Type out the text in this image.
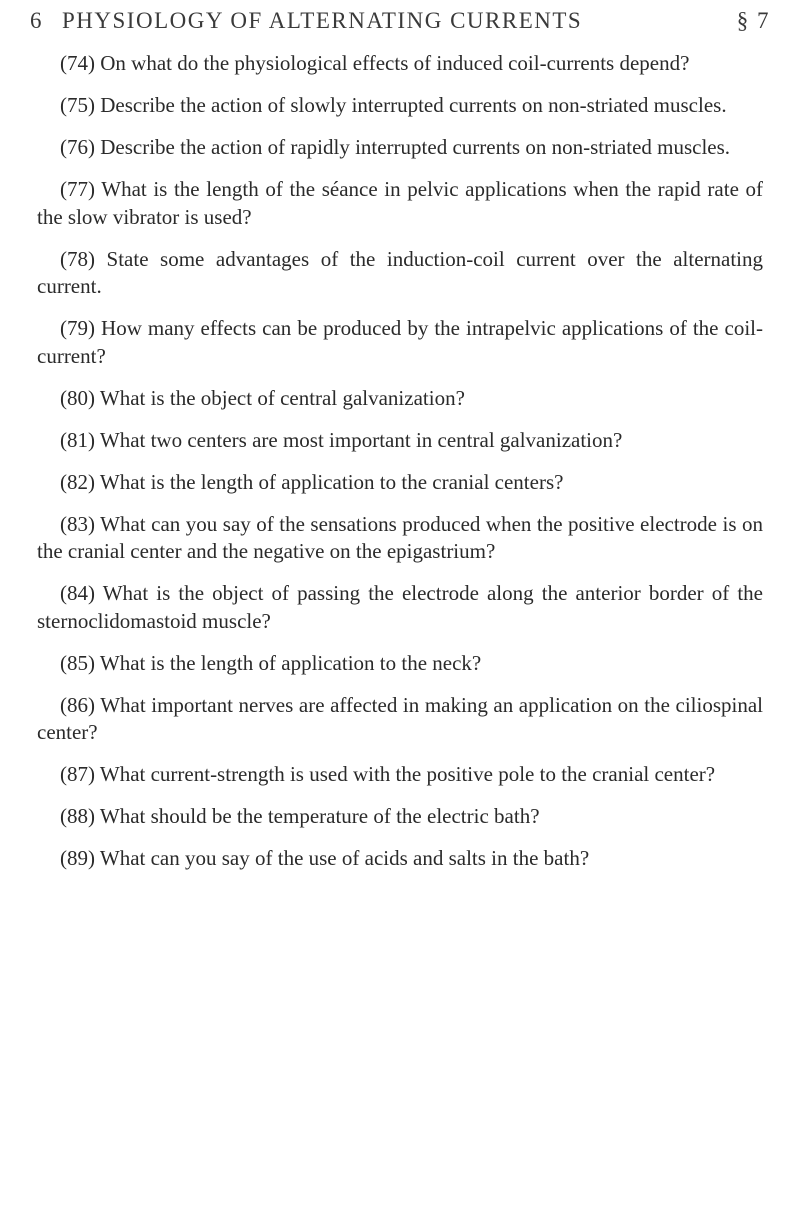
6 PHYSIOLOGY OF ALTERNATING CURRENTS	§ 7

(74) On what do the physiological effects of induced coil-currents depend?

(75) Describe the action of slowly interrupted currents on non-striated muscles.

(76) Describe the action of rapidly interrupted currents on non-striated muscles.

(77) What is the length of the séance in pelvic applications when the rapid rate of the slow vibrator is used?

(78) State some advantages of the induction-coil current over the alternating current.

(79) How many effects can be produced by the intrapelvic applications of the coil-current?

(80) What is the object of central galvanization?

(81) What two centers are most important in central galvanization?

(82) What is the length of application to the cranial centers?

(83) What can you say of the sensations produced when the positive electrode is on the cranial center and the negative on the epigastrium?

(84) What is the object of passing the electrode along the anterior border of the sternoclidomastoid muscle?

(85) What is the length of application to the neck?

(86) What important nerves are affected in making an application on the ciliospinal center?

(87) What current-strength is used with the positive pole to the cranial center?

(88) What should be the temperature of the electric bath?

(89) What can you say of the use of acids and salts in the bath?
